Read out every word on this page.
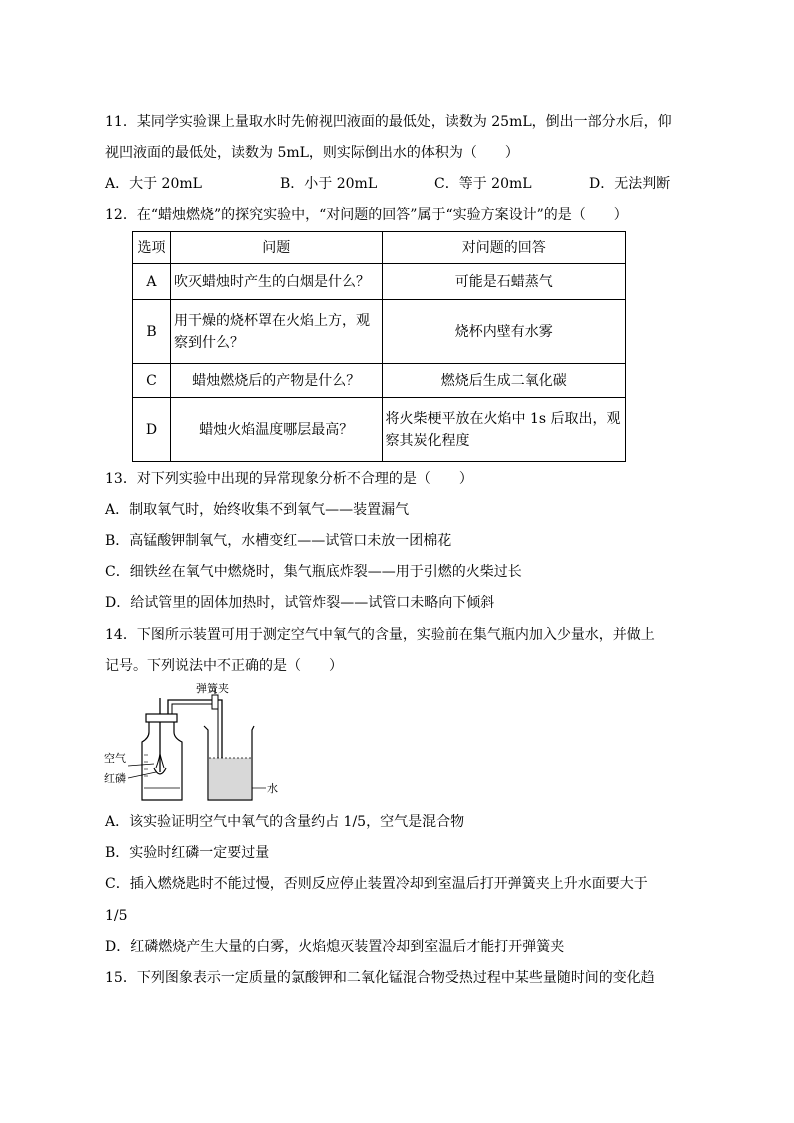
11．某同学实验课上量取水时先俯视凹液面的最低处，读数为 25mL，倒出一部分水后，仰
视凹液面的最低处，读数为 5mL，则实际倒出水的体积为（　　）
A．大于 20mL	B．小于 20mL	C．等于 20mL	D．无法判断
12．在“蜡烛燃烧”的探究实验中，“对问题的回答”属于“实验方案设计”的是（　　）
选项	问题	对问题的回答
A	吹灭蜡烛时产生的白烟是什么？	可能是石蜡蒸气
B	用干燥的烧杯罩在火焰上方，观察到什么？	烧杯内壁有水雾
C	蜡烛燃烧后的产物是什么？	燃烧后生成二氧化碳
D	蜡烛火焰温度哪层最高？	将火柴梗平放在火焰中 1s 后取出，观察其炭化程度
13．对下列实验中出现的异常现象分析不合理的是（　　）
A．制取氧气时，始终收集不到氧气——装置漏气
B．高锰酸钾制氧气，水槽变红——试管口未放一团棉花
C．细铁丝在氧气中燃烧时，集气瓶底炸裂——用于引燃的火柴过长
D．给试管里的固体加热时，试管炸裂——试管口未略向下倾斜
14．下图所示装置可用于测定空气中氧气的含量，实验前在集气瓶内加入少量水，并做上
记号。下列说法中不正确的是（　　）
弹簧夹
空气
红磷
水
A．该实验证明空气中氧气的含量约占 1/5，空气是混合物
B．实验时红磷一定要过量
C．插入燃烧匙时不能过慢，否则反应停止装置冷却到室温后打开弹簧夹上升水面要大于
1/5
D．红磷燃烧产生大量的白雾，火焰熄灭装置冷却到室温后才能打开弹簧夹
15．下列图象表示一定质量的氯酸钾和二氧化锰混合物受热过程中某些量随时间的变化趋
